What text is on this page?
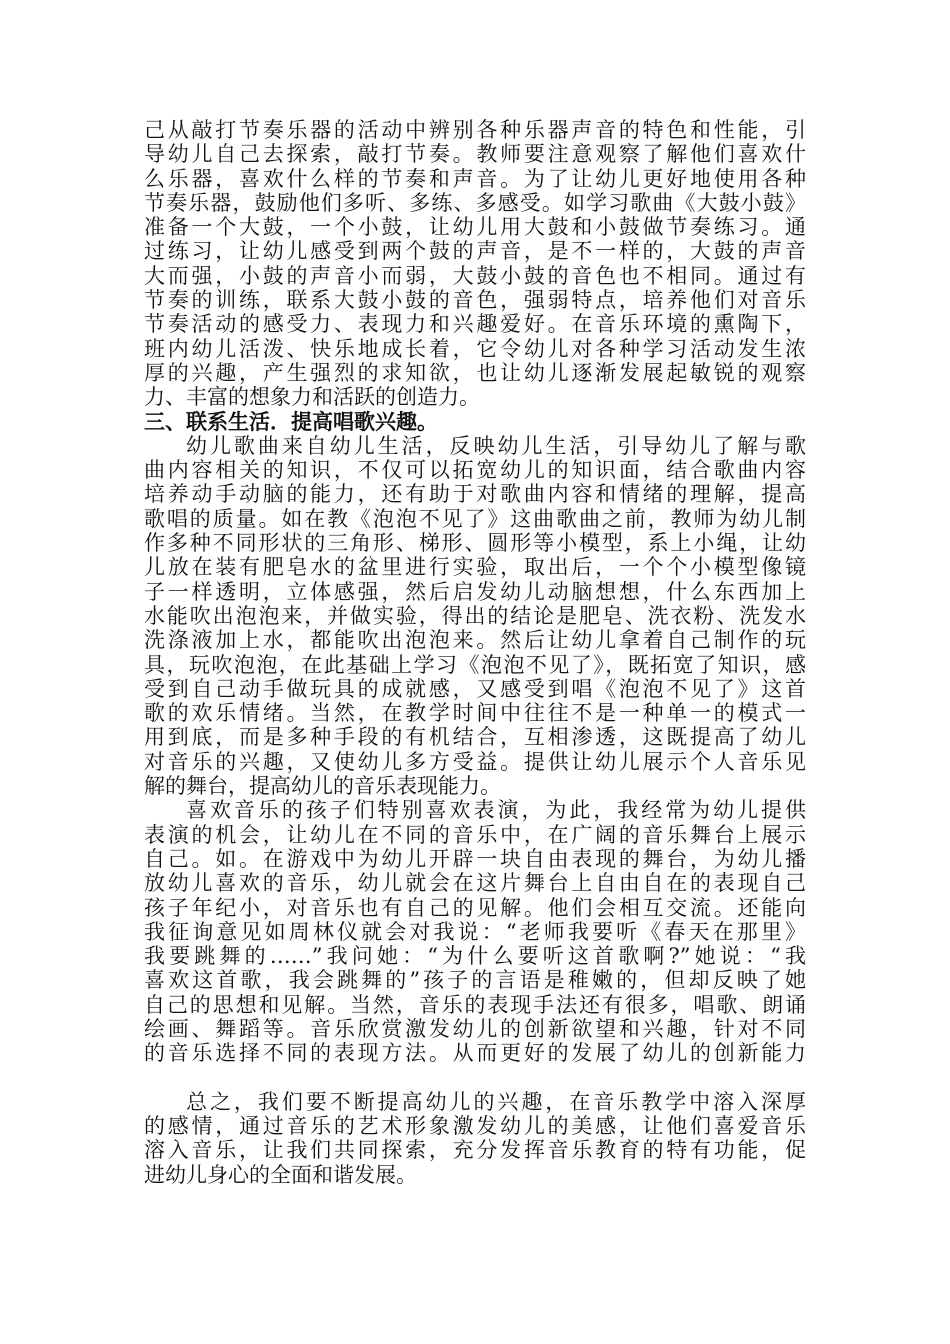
己从敲打节奏乐器的活动中辨别各种乐器声音的特色和性能，引
导幼儿自己去探索，敲打节奏。教师要注意观察了解他们喜欢什
么乐器，喜欢什么样的节奏和声音。为了让幼儿更好地使用各种
节奏乐器，鼓励他们多听、多练、多感受。如学习歌曲《大鼓小鼓》
准备一个大鼓，一个小鼓，让幼儿用大鼓和小鼓做节奏练习。通
过练习，让幼儿感受到两个鼓的声音，是不一样的，大鼓的声音
大而强，小鼓的声音小而弱，大鼓小鼓的音色也不相同。通过有
节奏的训练，联系大鼓小鼓的音色，强弱特点，培养他们对音乐
节奏活动的感受力、表现力和兴趣爱好。在音乐环境的熏陶下，
班内幼儿活泼、快乐地成长着，它令幼儿对各种学习活动发生浓
厚的兴趣，产生强烈的求知欲，也让幼儿逐渐发展起敏锐的观察
力、丰富的想象力和活跃的创造力。
三、联系生活．提高唱歌兴趣。
幼儿歌曲来自幼儿生活，反映幼儿生活，引导幼儿了解与歌
曲内容相关的知识，不仅可以拓宽幼儿的知识面，结合歌曲内容
培养动手动脑的能力，还有助于对歌曲内容和情绪的理解，提高
歌唱的质量。如在教《泡泡不见了》这曲歌曲之前，教师为幼儿制
作多种不同形状的三角形、梯形、圆形等小模型，系上小绳，让幼
儿放在装有肥皂水的盆里进行实验，取出后，一个个小模型像镜
子一样透明，立体感强，然后启发幼儿动脑想想，什么东西加上
水能吹出泡泡来，并做实验，得出的结论是肥皂、洗衣粉、洗发水
洗涤液加上水，都能吹出泡泡来。然后让幼儿拿着自己制作的玩
具，玩吹泡泡，在此基础上学习《泡泡不见了》，既拓宽了知识，感
受到自己动手做玩具的成就感，又感受到唱《泡泡不见了》这首
歌的欢乐情绪。当然，在教学时间中往往不是一种单一的模式一
用到底，而是多种手段的有机结合，互相渗透，这既提高了幼儿
对音乐的兴趣，又使幼儿多方受益。提供让幼儿展示个人音乐见
解的舞台，提高幼儿的音乐表现能力。
喜欢音乐的孩子们特别喜欢表演，为此，我经常为幼儿提供
表演的机会，让幼儿在不同的音乐中，在广阔的音乐舞台上展示
自己。如。在游戏中为幼儿开辟一块自由表现的舞台，为幼儿播
放幼儿喜欢的音乐，幼儿就会在这片舞台上自由自在的表现自己
孩子年纪小，对音乐也有自己的见解。他们会相互交流。还能向
我征询意见如周林仪就会对我说：“老师我要听《春天在那里》
我要跳舞的……”我问她：“为什么要听这首歌啊?”她说：“我
喜欢这首歌，我会跳舞的”孩子的言语是稚嫩的，但却反映了她
自己的思想和见解。当然，音乐的表现手法还有很多，唱歌、朗诵
绘画、舞蹈等。音乐欣赏激发幼儿的创新欲望和兴趣，针对不同
的音乐选择不同的表现方法。从而更好的发展了幼儿的创新能力
总之，我们要不断提高幼儿的兴趣，在音乐教学中溶入深厚
的感情，通过音乐的艺术形象激发幼儿的美感，让他们喜爱音乐
溶入音乐，让我们共同探索，充分发挥音乐教育的特有功能，促
进幼儿身心的全面和谐发展。
